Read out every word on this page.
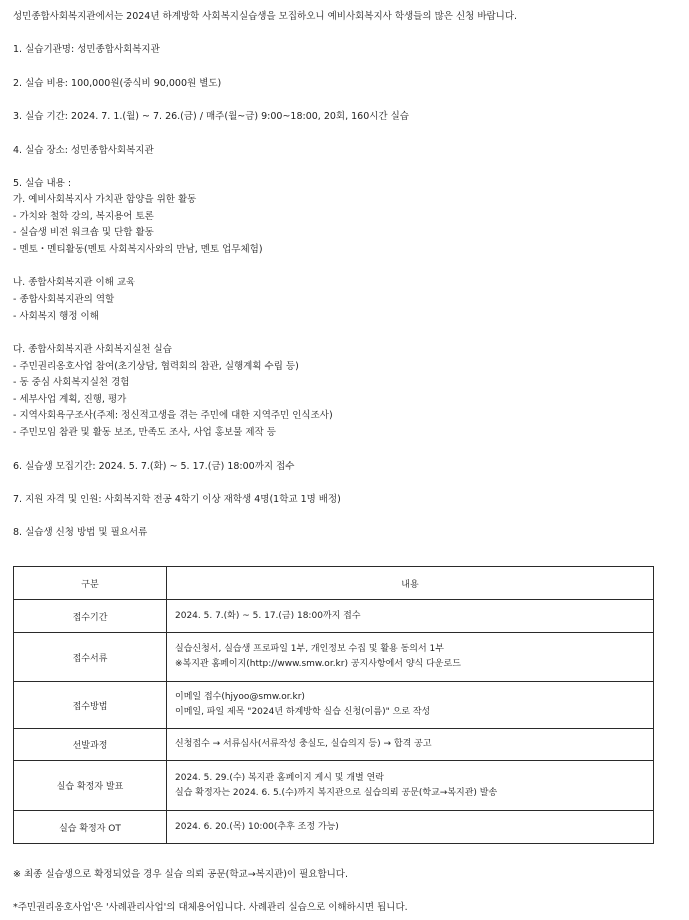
성민종합사회복지관에서는 2024년 하계방학 사회복지실습생을 모집하오니 예비사회복지사 학생들의 많은 신청 바랍니다.
1. 실습기관명: 성민종합사회복지관
2. 실습 비용: 100,000원(중식비 90,000원 별도)
3. 실습 기간: 2024. 7. 1.(월) ~ 7. 26.(금) / 매주(월~금) 9:00~18:00, 20회, 160시간 실습
4. 실습 장소: 성민종합사회복지관
5. 실습 내용 :
가. 예비사회복지사 가치관 함양을 위한 활동
- 가치와 철학 강의, 복지용어 토론
- 실습생 비전 워크숍 및 단합 활동
- 멘토・멘티활동(멘토 사회복지사와의 만남, 멘토 업무체험)
나. 종합사회복지관 이해 교육
- 종합사회복지관의 역할
- 사회복지 행정 이해
다. 종합사회복지관 사회복지실천 실습
- 주민권리옹호사업 참여(초기상담, 협력회의 참관, 실행계획 수립 등)
- 동 중심 사회복지실천 경험
- 세부사업 계획, 진행, 평가
- 지역사회욕구조사(주제: 정신적고생을 겪는 주민에 대한 지역주민 인식조사)
- 주민모임 참관 및 활동 보조, 만족도 조사, 사업 홍보물 제작 등
6. 실습생 모집기간: 2024. 5. 7.(화) ~ 5. 17.(금) 18:00까지 접수
7. 지원 자격 및 인원: 사회복지학 전공 4학기 이상 재학생 4명(1학교 1명 배정)
8. 실습생 신청 방법 및 필요서류
구분	내용
접수기간	2024. 5. 7.(화) ~ 5. 17.(금) 18:00까지 접수

접수서류	실습신청서, 실습생 프로파일 1부, 개인정보 수집 및 활용 동의서 1부
※복지관 홈페이지(http://www.smw.or.kr) 공지사항에서 양식 다운로드

접수방법	이메일 접수(hjyoo@smw.or.kr)
이메일, 파일 제목 "2024년 하계방학 실습 신청(이름)" 으로 작성

선발과정	신청접수 → 서류심사(서류작성 충실도, 실습의지 등) → 합격 공고

실습 확정자 발표	2024. 5. 29.(수) 복지관 홈페이지 게시 및 개별 연락
실습 확정자는 2024. 6. 5.(수)까지 복지관으로 실습의뢰 공문(학교→복지관) 발송

실습 확정자 OT	2024. 6. 20.(목) 10:00(추후 조정 가능)
※ 최종 실습생으로 확정되었을 경우 실습 의뢰 공문(학교→복지관)이 필요합니다.
*주민권리옹호사업'은 '사례관리사업'의 대체용어입니다. 사례관리 실습으로 이해하시면 됩니다.
